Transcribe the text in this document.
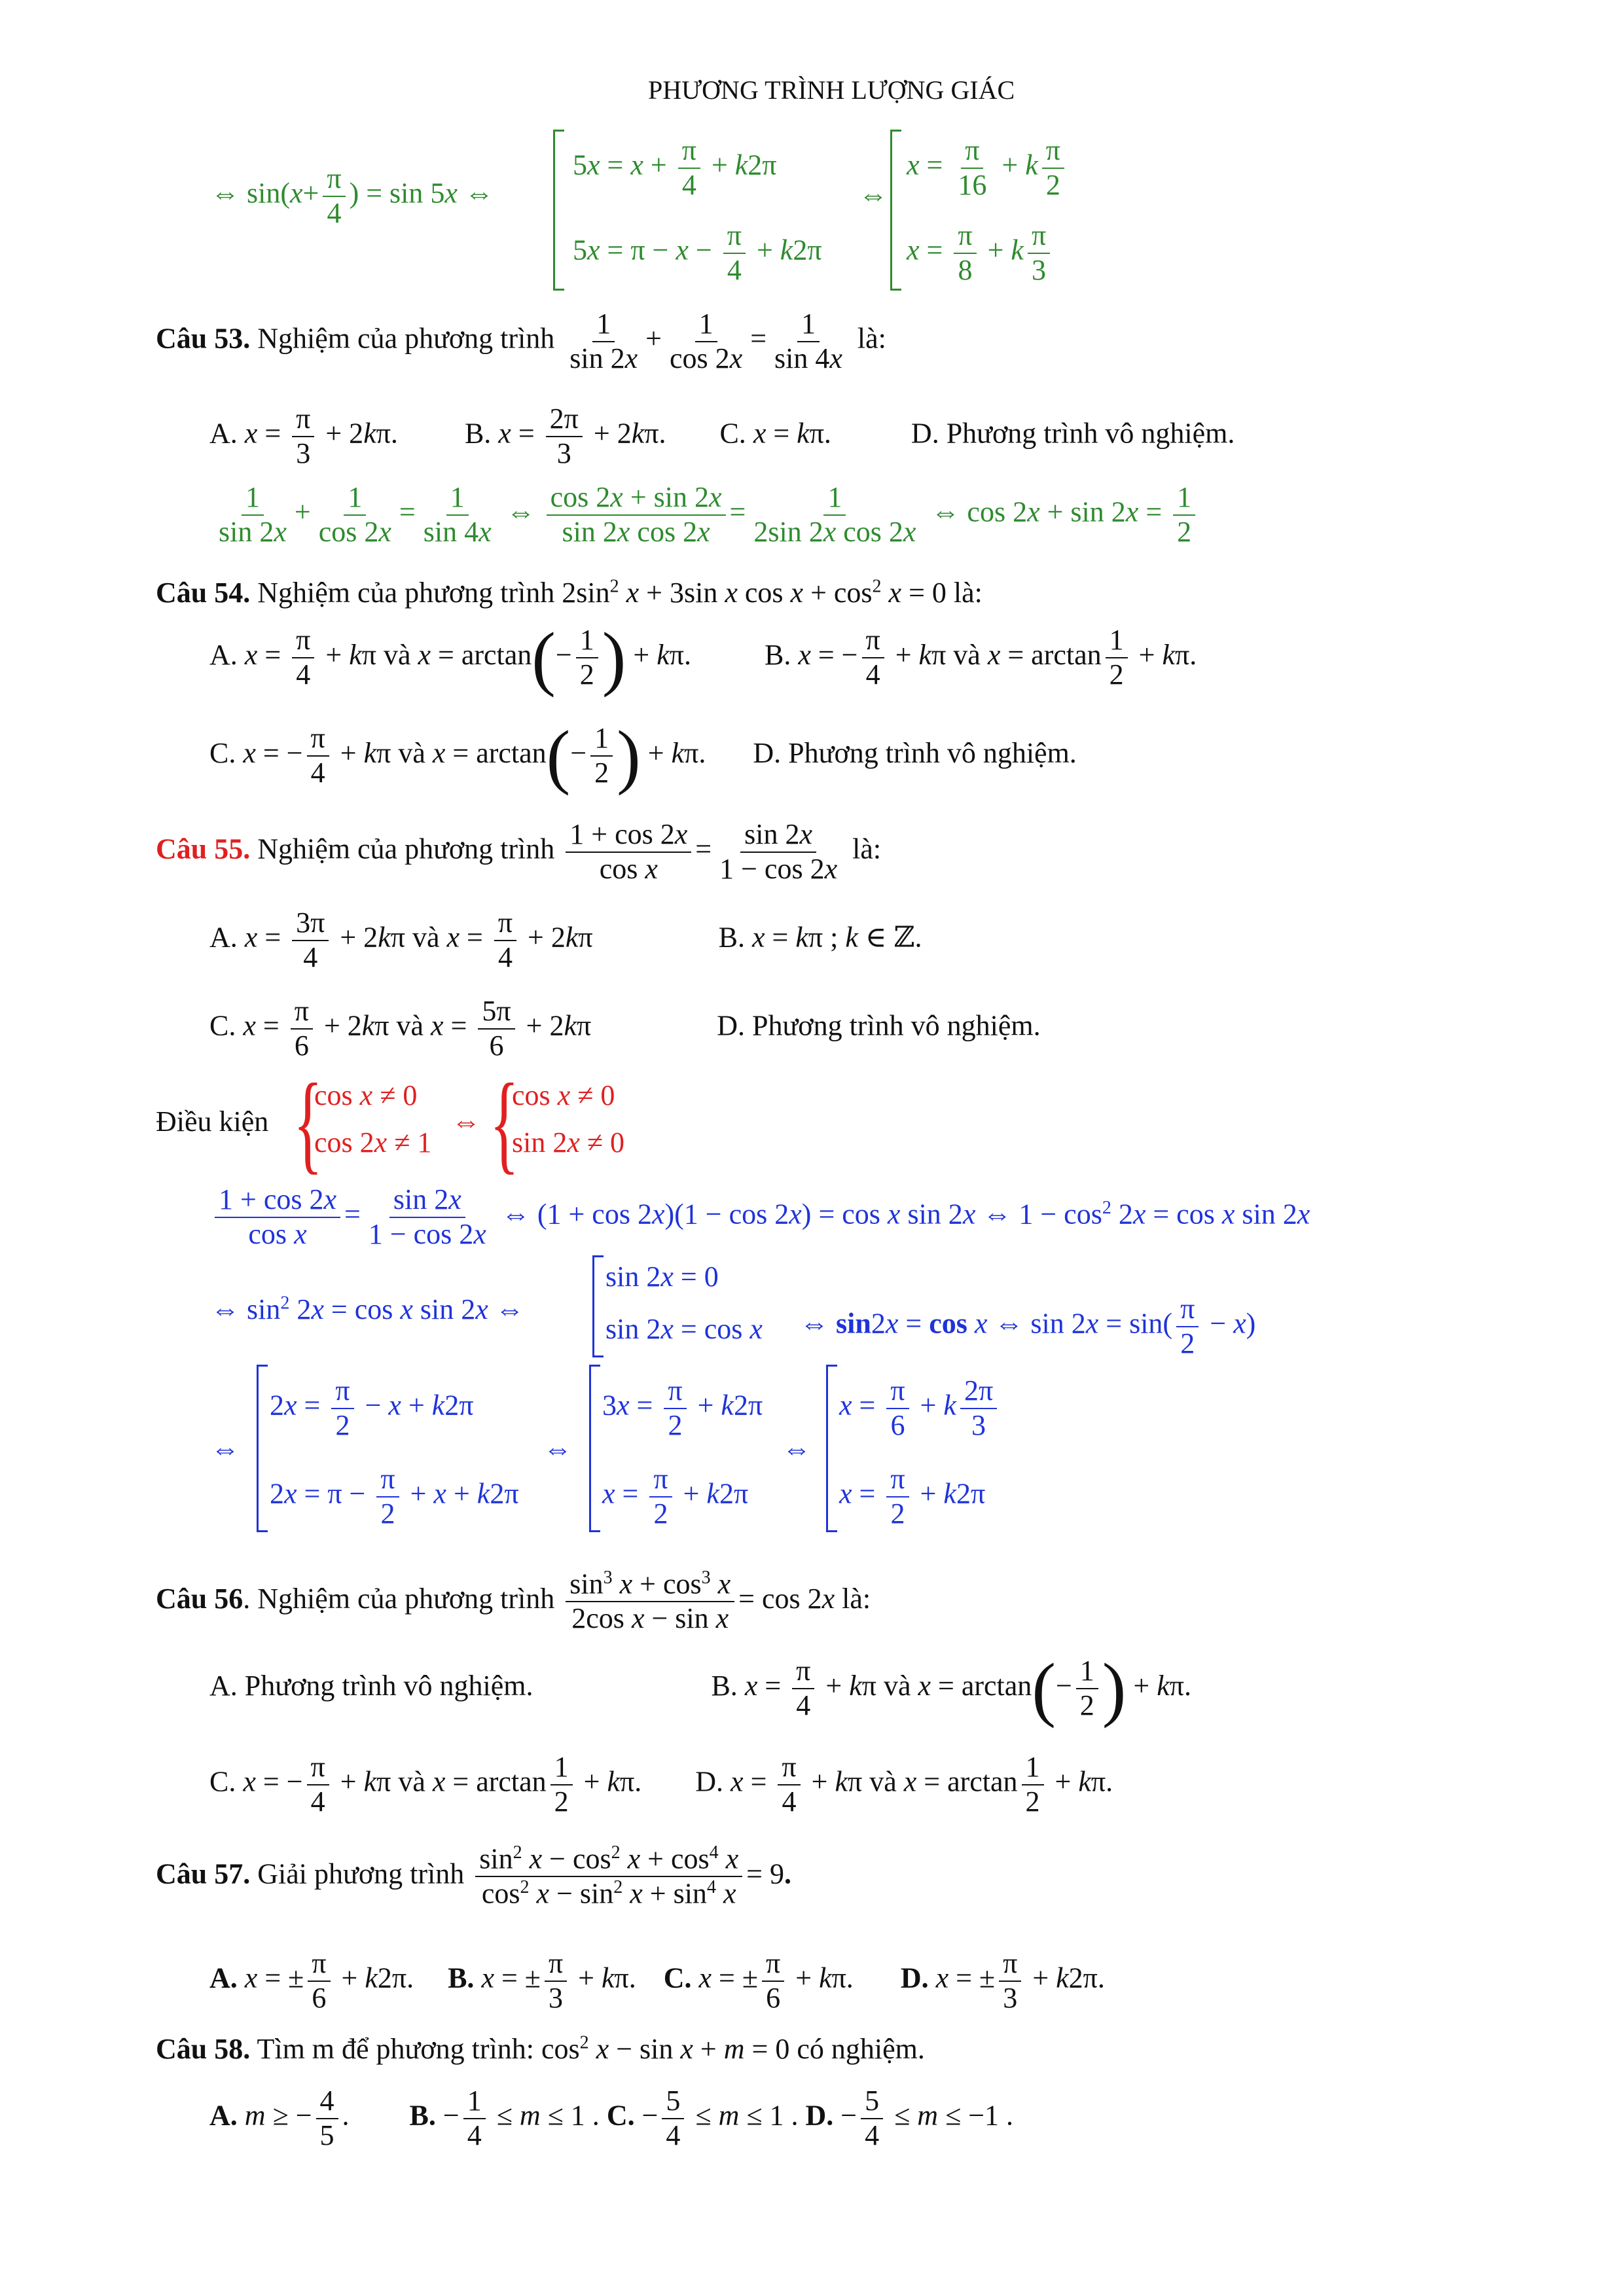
PHƯƠNG TRÌNH LƯỢNG GIÁC
⇔ $\sin(x+ \frac{\pi}{4}$ ) = sin 5x ⇔
$5x = x + \frac{\pi}{4} + k2\pi$
$5x = \pi - x - \frac{\pi}{4} + k2\pi$
⇔
$x = \frac{\pi}{16} + k \frac{\pi}{2}$
$x = \frac{\pi}{8} + k \frac{\pi}{3}$
Câu 53. Nghiệm của phương trình $\frac{1}{\sin 2x} + \frac{1}{\cos 2x} = \frac{1}{\sin 4x}$ là:
A. $x = \frac{\pi}{3} + 2k\pi$.  B. $x = \frac{2\pi}{3} + 2k\pi$.  C. x = kπ.	D. Phương trình vô nghiệm.
$\frac{1}{\sin 2x} + \frac{1}{\cos 2x} = \frac{1}{\sin 4x}$ ⇔ $\frac{\cos 2x + \sin 2x}{\text{sin 2x cos 2x}} = \frac{1}{\text{2sin 2x cos 2x}}$ ⇔ $\cos 2x + \sin 2x = \frac{1}{2}$
Câu 54. Nghiệm của phương trình $2\sin^2$ x + 3sin x $\cos x + \cos^2 x = 0$ là:
A. $x = \frac{\pi}{4} + k\pi$ và $x = \arctan(- \frac{1}{2}$ ) + kπ.  B. x = − $\frac{\pi}{4} + k\pi$ và $x = \arctan \frac{1}{2} + k\pi$.
C. x = − $\frac{\pi}{4} + k\pi$ và $x = \arctan(- \frac{1}{2}$ ) + kπ.  D. Phương trình vô nghiệm.
Câu 55. Nghiệm của phương trình $\frac{1 + \cos 2x}{\text{cos x}} = \frac{\sin 2x}{1 - \cos 2x}$ là:
A. $x = \frac{3\pi}{4} + 2k\pi$ và $x = \frac{\pi}{4} + 2k\pi$	B. x = kπ ; k ∈ ℤ.
C. $x = \frac{\pi}{6} + 2k\pi$ và $x = \frac{5\pi}{6} + 2k\pi$	D. Phương trình vô nghiệm.
Điều kiện {
cos x ≠ 0
cos 2x ≠ 1
⇔ {
cos x ≠ 0
sin 2x ≠ 0
$\frac{1 + \cos 2x}{\text{cos x}} = \frac{\sin 2x}{1 - \cos 2x}$ ⇔ (1 + cos 2x)(1 − cos 2x) = cos x sin 2x ⇔ $1 - \cos^2 2x = \cos x$ sin 2x
⇔ $\sin^2 2x = \cos x$ sin 2x ⇔
sin 2x = 0
sin 2x = cos x ⇔ sin2x = cos x ⇔ $\sin 2x = \sin( \frac{\pi}{2} - x)$
⇔
$2x = \frac{\pi}{2} - x + k2\pi$
$2x = \pi - \frac{\pi}{2} + x + k2\pi$
⇔
$3x = \frac{\pi}{2} + k2\pi$
$x = \frac{\pi}{2} + k2\pi$
⇔
$x = \frac{\pi}{6} + k \frac{2\pi}{3}$
$x = \frac{\pi}{2} + k2\pi$
Câu 56. Nghiệm của phương trình $\frac{\sin^3 x + \cos^3 x}{\text{2cos x − sin x}} = \cos 2x$ là:
A. Phương trình vô nghiệm.	B. $x = \frac{\pi}{4} + k\pi$ và $x = \arctan(- \frac{1}{2}$ ) + kπ.
C. x = − $\frac{\pi}{4} + k\pi$ và $x = \arctan \frac{1}{2} + k\pi$.  D. $x = \frac{\pi}{4} + k\pi$ và $x = \arctan \frac{1}{2} + k\pi$.
Câu 57. Giải phương trình $\frac{\sin^2 x - \cos^2 x + \cos^4 x}{\cos^2 x - \sin^2 x + \sin^4 x} = 9$.
A. x = ± $\frac{\pi}{6} + k2\pi$.  B. x = ± $\frac{\pi}{3} + k\pi$.  C. x = ± $\frac{\pi}{6} + k\pi$.  D. x = ± $\frac{\pi}{3} + k2\pi$.
Câu 58. Tìm m để phương trình: $\cos^2 x - \sin x + m = 0$ có nghiệm.
A. m ≥ − $\frac{4}{5}$ .  B. − $\frac{1}{4} \le m \le 1$ . C. − $\frac{5}{4} \le m \le 1$ . D. − $\frac{5}{4} \le m \le -1$ .
